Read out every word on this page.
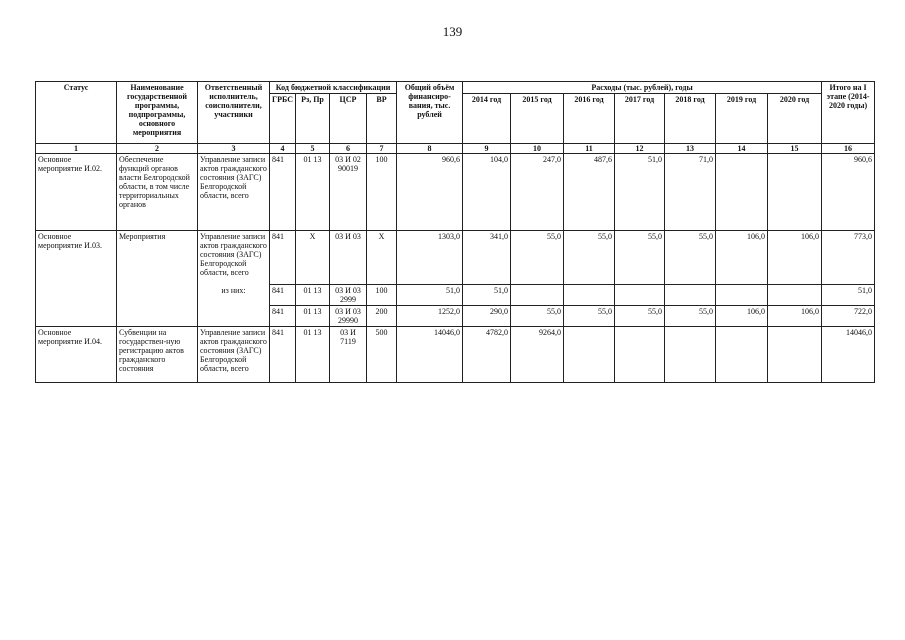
139
Статус	Наименование государственной программы, подпрограммы, основного мероприятия	Ответственный исполнитель, соисполнители, участники	Код бюджетной классификации				Общий объём финансиро-вания, тыс. рублей	Расходы (тыс. рублей), годы							Итого на I этапе (2014-2020 годы)
			ГРБС	Рз, Пр	ЦСР	ВР		2014 год	2015 год	2016 год	2017 год	2018 год	2019 год	2020 год	
1	2	3	4	5	6	7	8	9	10	11	12	13	14	15	16
Основное мероприятие И.02.	Обеспечение функций органов власти Белгородской области, в том числе территориальных органов	Управление записи актов гражданского состояния (ЗАГС) Белгородской области, всего	841	01 13	03 И 02 90019	100	960,6	104,0	247,0	487,6	51,0	71,0			960,6
Основное мероприятие И.03.	Мероприятия	Управление записи актов гражданского состояния (ЗАГС) Белгородской области, всего	841	Х	03 И 03	Х	1303,0	341,0	55,0	55,0	55,0	55,0	106,0	106,0	773,0
		из них:	841	01 13	03 И 03 2999	100	51,0	51,0							51,0
			841	01 13	03 И 03 29990	200	1252,0	290,0	55,0	55,0	55,0	55,0	106,0	106,0	722,0
Основное мероприятие И.04.	Субвенции на государствен-ную регистрацию актов гражданского состояния	Управление записи актов гражданского состояния (ЗАГС) Белгородской области, всего	841	01 13	03 И 7119	500	14046,0	4782,0	9264,0						14046,0
